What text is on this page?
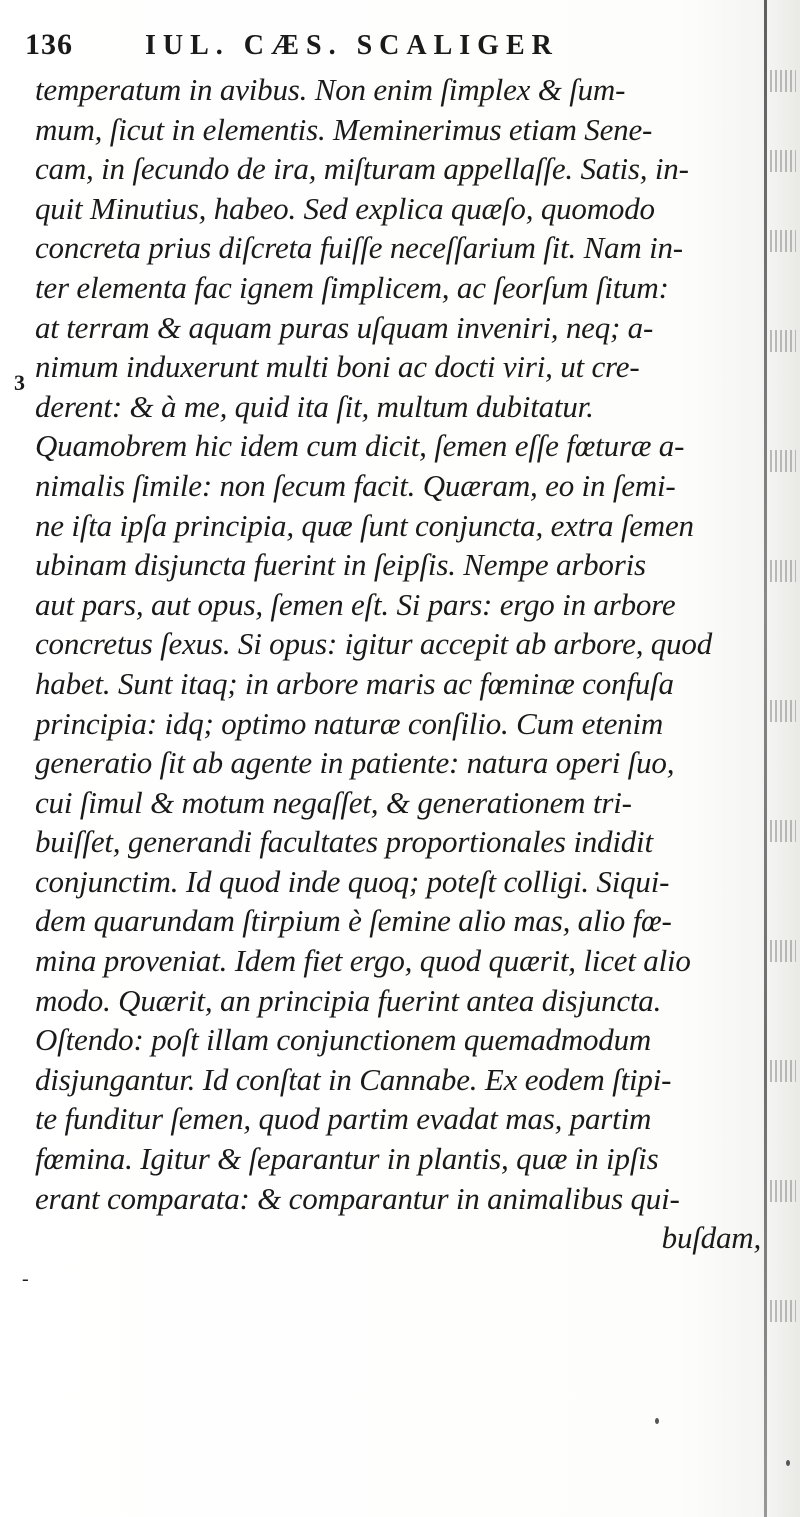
136	IUL. CÆS. SCALIGER
3
-
temperatum in avibus. Non enim ſimplex & ſum-
mum, ſicut in elementis. Meminerimus etiam Sene-
cam, in ſecundo de ira, miſturam appellaſſe. Satis, in-
quit Minutius, habeo. Sed explica quæſo, quomodo
concreta prius diſcreta fuiſſe neceſſarium ſit. Nam in-
ter elementa fac ignem ſimplicem, ac ſeorſum ſitum:
at terram & aquam puras uſquam inveniri, neq; a-
nimum induxerunt multi boni ac docti viri, ut cre-
derent: & à me, quid ita ſit, multum dubitatur.
Quamobrem hic idem cum dicit, ſemen eſſe fœturæ a-
nimalis ſimile: non ſecum facit. Quæram, eo in ſemi-
ne iſta ipſa principia, quæ ſunt conjuncta, extra ſemen
ubinam disjuncta fuerint in ſeipſis. Nempe arboris
aut pars, aut opus, ſemen eſt. Si pars: ergo in arbore
concretus ſexus. Si opus: igitur accepit ab arbore, quod
habet. Sunt itaq; in arbore maris ac fœminæ confuſa
principia: idq; optimo naturæ conſilio. Cum etenim
generatio ſit ab agente in patiente: natura operi ſuo,
cui ſimul & motum negaſſet, & generationem tri-
buiſſet, generandi facultates proportionales indidit
conjunctim. Id quod inde quoq; poteſt colligi. Siqui-
dem quarundam ſtirpium è ſemine alio mas, alio fœ-
mina proveniat. Idem fiet ergo, quod quærit, licet alio
modo. Quærit, an principia fuerint antea disjuncta.
Oſtendo: poſt illam conjunctionem quemadmodum
disjungantur. Id conſtat in Cannabe. Ex eodem ſtipi-
te funditur ſemen, quod partim evadat mas, partim
fœmina. Igitur & ſeparantur in plantis, quæ in ipſis
erant comparata: & comparantur in animalibus qui-
buſdam,
